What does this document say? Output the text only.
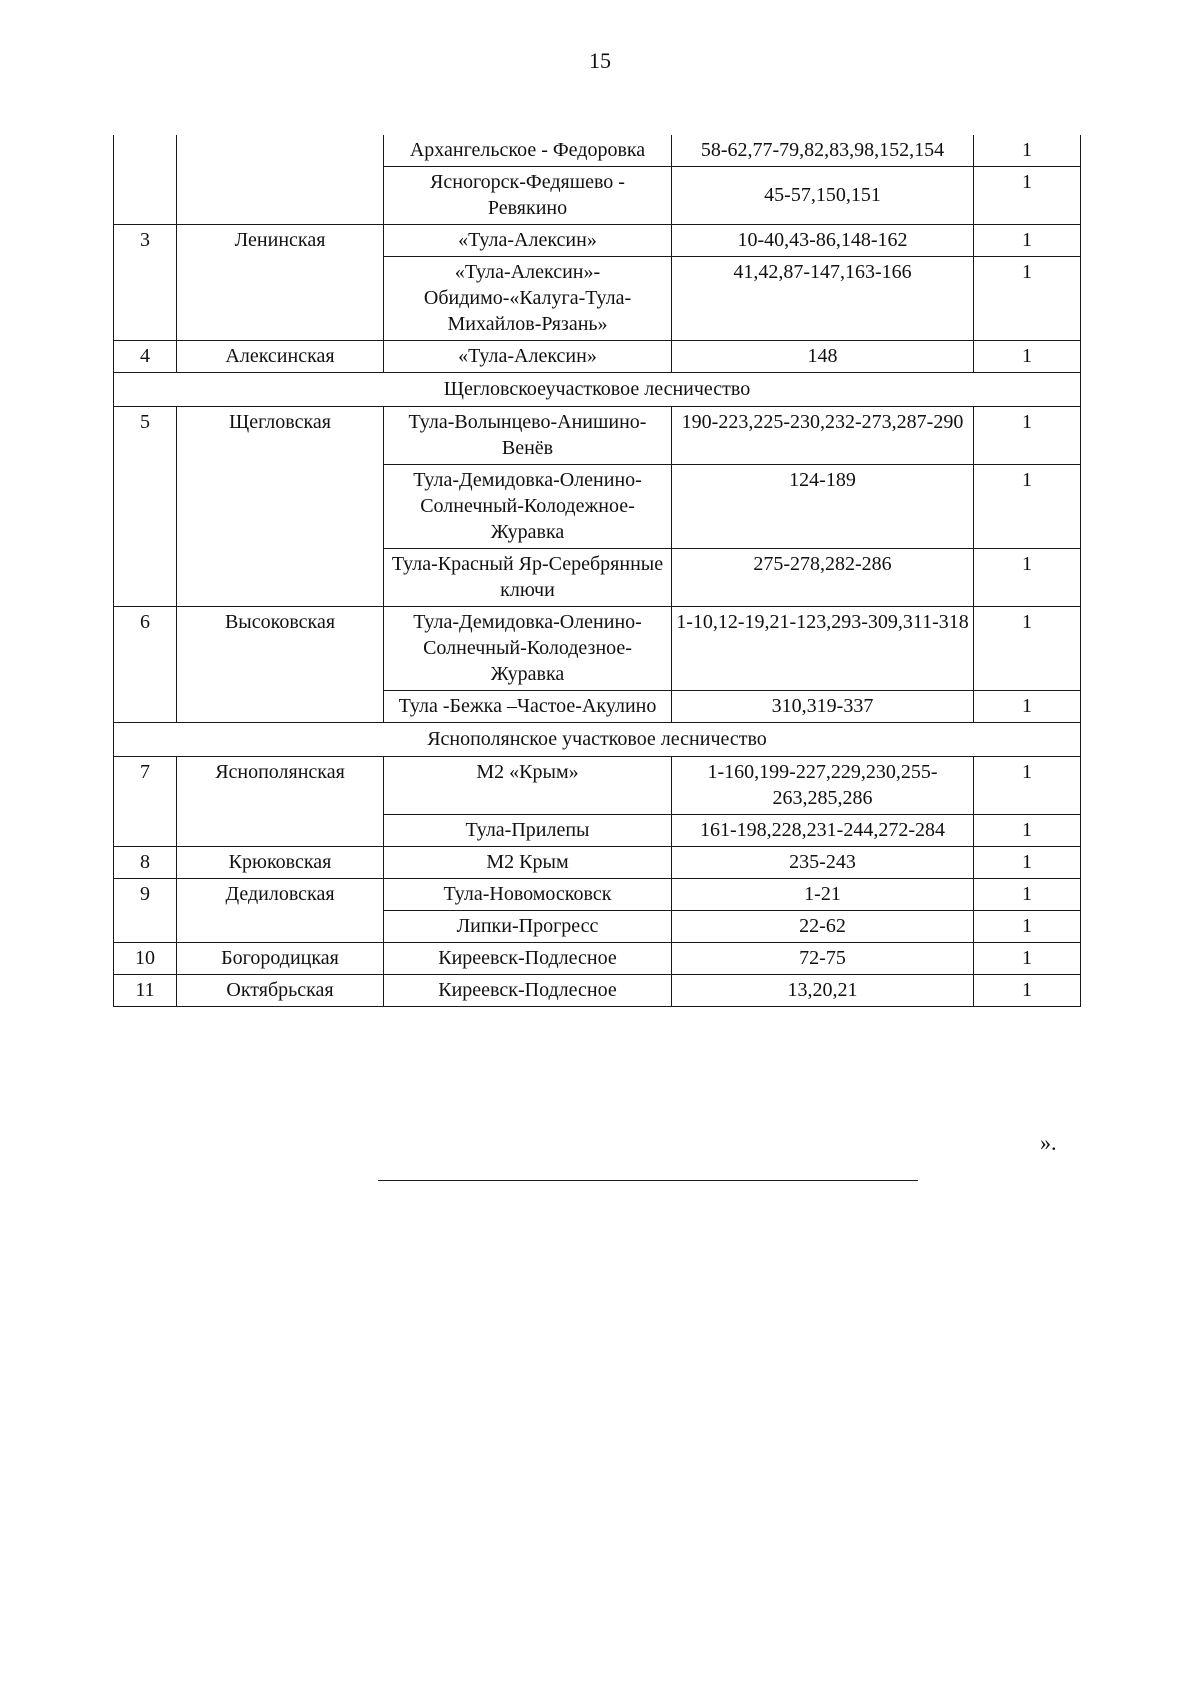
15
		Архангельское - Федоровка	58-62,77-79,82,83,98,152,154	1
		Ясногорск-Федяшево - Ревякино	45-57,150,151	1
3	Ленинская	«Тула-Алексин»	10-40,43-86,148-162	1
		«Тула-Алексин»-Обидимо-«Калуга-Тула-Михайлов-Рязань»	41,42,87-147,163-166	1
4	Алексинская	«Тула-Алексин»	148	1
Щегловскоеучастковое лесничество				
5	Щегловская	Тула-Волынцево-Анишино-Венёв	190-223,225-230,232-273,287-290	1
		Тула-Демидовка-Оленино-Солнечный-Колодежное-Журавка	124-189	1
		Тула-Красный Яр-Серебрянные ключи	275-278,282-286	1
6	Высоковская	Тула-Демидовка-Оленино-Солнечный-Колодезное-Журавка	1-10,12-19,21-123,293-309,311-318	1
		Тула -Бежка –Частое-Акулино	310,319-337	1
Яснополянское участковое лесничество				
7	Яснополянская	М2 «Крым»	1-160,199-227,229,230,255-263,285,286	1
		Тула-Прилепы	161-198,228,231-244,272-284	1
8	Крюковская	М2 Крым	235-243	1
9	Дедиловская	Тула-Новомосковск	1-21	1
		Липки-Прогресс	22-62	1
10	Богородицкая	Киреевск-Подлесное	72-75	1
11	Октябрьская	Киреевск-Подлесное	13,20,21	1
».
